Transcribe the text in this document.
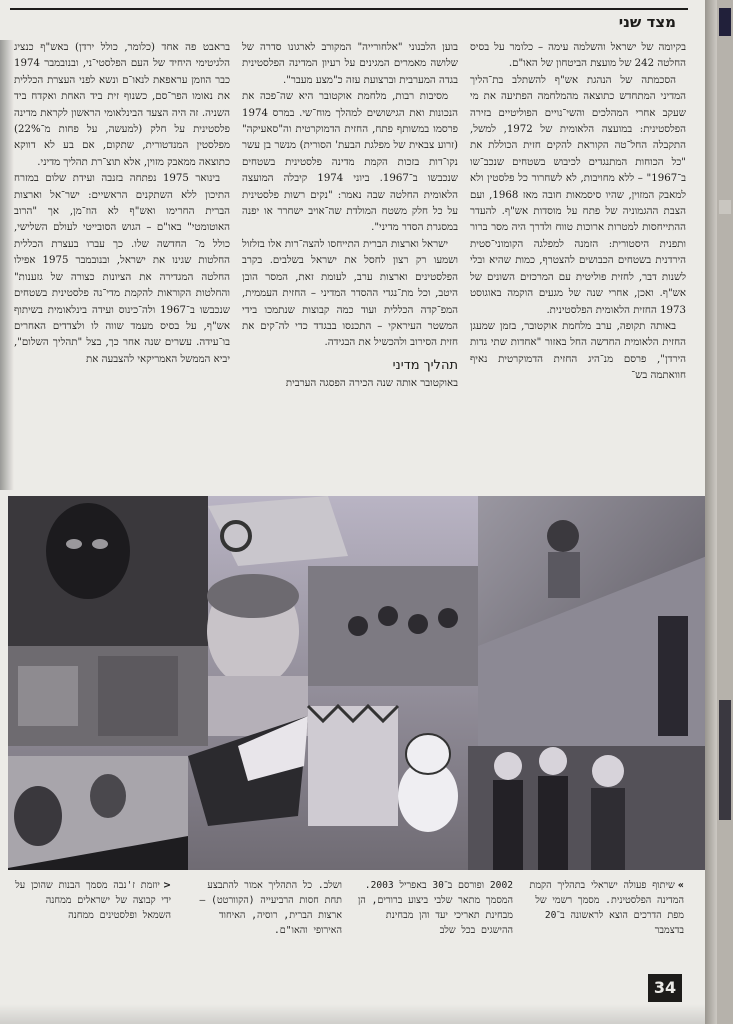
מצד שני

בקיומה של ישראל והשלמה עימה – כלומר על בסיס החלטה 242 של מועצת הביטחון של האו"ם.

הסכמתה של הנהגת אש"ף להשתלב בת־הליך המדיני המתחדש כתוצאה מהמלחמה הפתיעה את מי שעקב אחרי המהלכים והשי־נויים הפוליטיים בזירה הפלסטינית: במועצה הלאומית של 1972, למשל, התקבלה החל־טה הקוראת להקים חזית הכוללת את "כל הכוחות המתנגדים לכיבוש בשטחים שנכב־שו ב־1967" – ללא מחויבות, לא לשחרור כל פלסטין ולא למאבק המזוין, שהיו סיסמאות חובה מאז 1968, ועם הצבת ההגמוניה של פתח על מוסדות אש"ף. להעדר ההתייחסות למטרות ארוכות טווח ולדרך היה מסר ברור ותפנית היסטורית: הזמנה למפלגה הקומוני־סטית הירדנית בשטחים הכבושים להצטרף, כמות שהיא ובלי לשנות דבר, לחזית פוליטית עם המרכזים השונים של אש"ף. ואכן, אחרי שנה של מגעים הוקמה באוגוסט 1973 החזית הלאומית הפלסטינית.

באותה תקופה, ערב מלחמת אוקטובר, בזמן שמעגן החזית הלאומית החדשה החל באזור "אחדות שתי גדות הירדן", פרסם מנ־היג החזית הדמוקרטית נאיף חוואתמה בש־

בוען הלבנוני "אלחורייה" המקורב לארגונו סדרה של שלושה מאמרים המגינים על רעיון המדינה הפלסטינית בגדה המערבית וברצועת עזה כ"מצע מעבר".

מסיבות רבות, מלחמת אוקטובר היא שה־פכה את הנכונות ואת הגישושים למהלך מוח־שי. במרס 1974 פרסמו במשותף פתח, החזית הדמוקרטית וה"סאעיקה" (זרוע צבאית של מפלגת הבעת' הסורית) מנשר בן עשר נקו־דות בזכות הקמת מדינה פלסטינית בשטחים שנכבשו ב־1967. ביוני 1974 קיבלה המועצה הלאומית החלטה שבה נאמר: "נקים רשות פלסטינית על כל חלק משטח המולדת שה־אויב ישחרר או יפנה במסגרת הסדר מדיני".

ישראל וארצות הברית התייחסו להצה־רות אלו בזלזול ושמעו רק רצון לחסל את ישראל בשלבים. בקרב הפלסטינים וארצות ערב, לעומת זאת, המסר הובן היטב, וכל מת־נגדי ההסדר המדיני – החזית העממית, המפ־קדה הכללית ועוד כמה קבוצות שנתמכו בידי המשטר העיראקי – התכנסו בבגדד כדי לה־קים את חזית הסירוב ולהכשיל את הבגידה.

תהליך מדיני

באוקטובר אותה שנה הכירה הפסגה הערבית

בראבט פה אחד (כלומר, כולל ירדן) באש"ף כנציג הלגיטימי היחיד של העם הפלסטי־ני, ובנובמבר 1974 כבר הוזמן עראפאת לנאו־ם ונשא לפני העצרת הכללית את נאומו הפר־סם, כשנוף זית ביד האחת ואקדח ביד השניה. זה היה הצעד הבינלאומי הראשון לקראת מדינה פלסטינית על חלק (למעשה, על פחות מ־22%) מפלסטין המנדטורית, שתקום, אם בע לא דווקא כתוצאה ממאבק מזוין, אלא תוצ־רת תהליך מדיני.

בינואר 1975 נפתחה בזנבה ועידת שלום במזרח התיכון ללא השתקנים הראשיים: ישר־אל וארצות הברית החרימו ואש"ף לא הוז־מן, אך "הרוב האוטומטי" באו"ם – הגוש הסובייטי לעולם השלישי, כולל מ־ החדשה שלו. כך עברו בעצרת הכללית החלטות שגינו את ישראל, ובנובמבר 1975 אפילו החלטה המגדירה את הציונות כצורה של גזענות" והחלטות הקוראות להקמת מדי־נה פלסטינית בשטחים שנכבשו ב־1967 ולה־כינוס ועידה בינלאומית בשיתוף אש"ף, על בסיס מעמד שווה לו ולצדדים האחרים בו־עידה. עשרים שנה אחר כך, בצל "תהליך השלום", יביא הממשל האמריקאי להצבעה את

»שיתוף פעולה ישראלי בתהליך הקמת המדינה הפלסטינית. מסמך רשמי של מפת הדרכים הוצא לראשונה ב־20 בדצמבר
2002 ופורסם ב־30 באפריל 2003. המסמך מתאר שלבי ביצוע ברורים, הן מבחינת תאריכי יעד והן מבחינת ההישגים בכל שלב
ושלב. כל התהליך אמור להתבצע תחת חסות הרביעייה (הקוורטט) – ארצות הברית, רוסיה, האיחוד האירופי והאו"ם.
<יוזמת ז'נבה מסמך הבנות שהוכן על ידי קבוצה של ישראלים ממחנה השמאל ופלסטינים ממחנה
34
